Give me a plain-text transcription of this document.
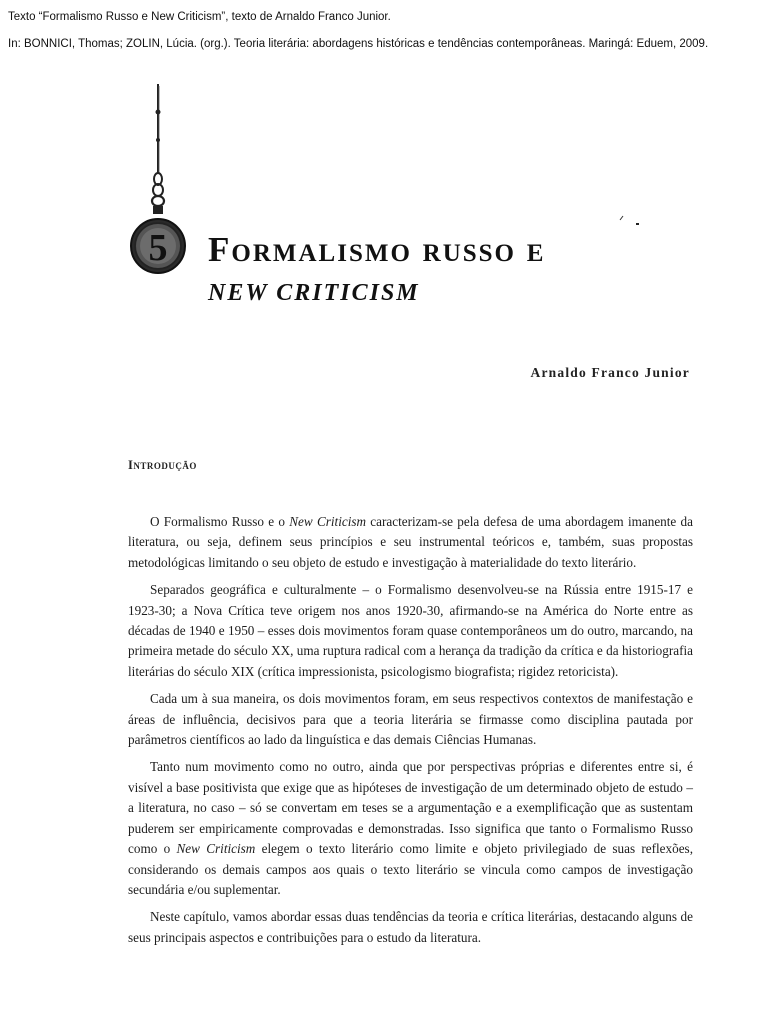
Texto “Formalismo Russo e New Criticism”, texto de Arnaldo Franco Junior.
In: BONNICI, Thomas; ZOLIN, Lúcia. (org.). Teoria literária: abordagens históricas e tendências contemporâneas. Maringá: Eduem, 2009.
5 Formalismo russo e
NEW CRITICISM
Arnaldo Franco Junior
Introdução

O Formalismo Russo e o New Criticism caracterizam-se pela defesa de uma abordagem imanente da literatura, ou seja, definem seus princípios e seu instrumental teóricos e, também, suas propostas metodológicas limitando o seu objeto de estudo e investigação à materialidade do texto literário.

Separados geográfica e culturalmente – o Formalismo desenvolveu-se na Rússia entre 1915-17 e 1923-30; a Nova Crítica teve origem nos anos 1920-30, afirmando-se na América do Norte entre as décadas de 1940 e 1950 – esses dois movimentos foram quase contemporâneos um do outro, marcando, na primeira metade do século XX, uma ruptura radical com a herança da tradição da crítica e da historiografia literárias do século XIX (crítica impressionista, psicologismo biografista; rigidez retoricista).

Cada um à sua maneira, os dois movimentos foram, em seus respectivos contextos de manifestação e áreas de influência, decisivos para que a teoria literária se firmasse como disciplina pautada por parâmetros científicos ao lado da linguística e das demais Ciências Humanas.

Tanto num movimento como no outro, ainda que por perspectivas próprias e diferentes entre si, é visível a base positivista que exige que as hipóteses de investigação de um determinado objeto de estudo – a literatura, no caso – só se convertam em teses se a argumentação e a exemplificação que as sustentam puderem ser empiricamente comprovadas e demonstradas. Isso significa que tanto o Formalismo Russo como o New Criticism elegem o texto literário como limite e objeto privilegiado de suas reflexões, considerando os demais campos aos quais o texto literário se vincula como campos de investigação secundária e/ou suplementar.

Neste capítulo, vamos abordar essas duas tendências da teoria e crítica literárias, destacando alguns de seus principais aspectos e contribuições para o estudo da literatura.
